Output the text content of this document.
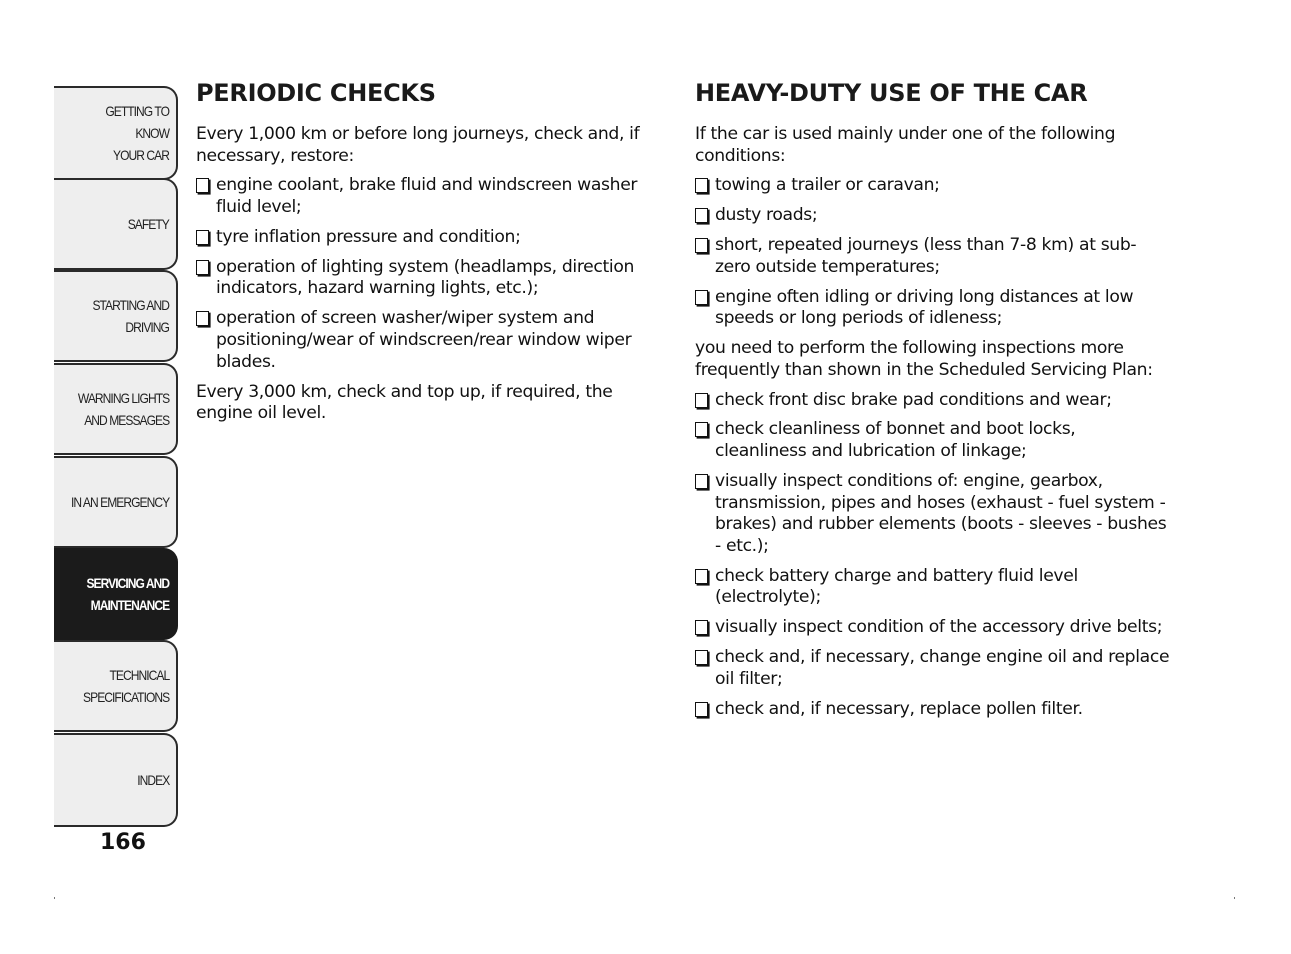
GETTING TO KNOW
YOUR CAR
SAFETY
STARTING AND
DRIVING
WARNING LIGHTS
AND MESSAGES
IN AN EMERGENCY
SERVICING AND
MAINTENANCE
TECHNICAL
SPECIFICATIONS
INDEX
166
PERIODIC CHECKS

Every 1,000 km or before long journeys, check and, if necessary, restore:

engine coolant, brake fluid and windscreen washer fluid level;
tyre inflation pressure and condition;
operation of lighting system (headlamps, direction indicators, hazard warning lights, etc.);
operation of screen washer/wiper system and positioning/wear of windscreen/rear window wiper blades.

Every 3,000 km, check and top up, if required, the engine oil level.

HEAVY-DUTY USE OF THE CAR

If the car is used mainly under one of the following conditions:

towing a trailer or caravan;
dusty roads;
short, repeated journeys (less than 7-8 km) at sub-zero outside temperatures;
engine often idling or driving long distances at low speeds or long periods of idleness;

you need to perform the following inspections more frequently than shown in the Scheduled Servicing Plan:

check front disc brake pad conditions and wear;
check cleanliness of bonnet and boot locks, cleanliness and lubrication of linkage;
visually inspect conditions of: engine, gearbox, transmission, pipes and hoses (exhaust - fuel system - brakes) and rubber elements (boots - sleeves - bushes - etc.);
check battery charge and battery fluid level (electrolyte);
visually inspect condition of the accessory drive belts;
check and, if necessary, change engine oil and replace oil filter;
check and, if necessary, replace pollen filter.
